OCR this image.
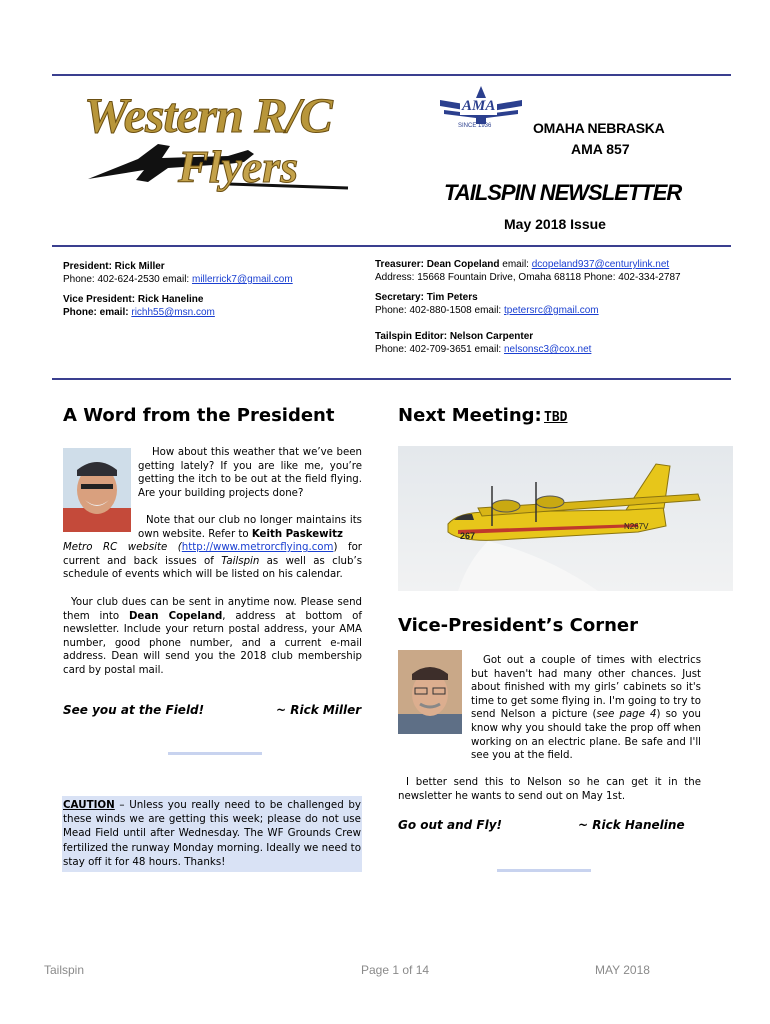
Western R/C
Flyers
AMA
SINCE 1936	OMAHA NEBRASKA
AMA 857
TAILSPIN NEWSLETTER
May 2018 Issue
President: Rick Miller
Phone: 402-624-2530 email: millerrick7@gmail.com
Vice President: Rick Haneline
Phone: email: richh55@msn.com
Treasurer: Dean Copeland email: dcopeland937@centurylink.net
Address: 15668 Fountain Drive, Omaha 68118 Phone: 402-334-2787
Secretary: Tim Peters
Phone: 402-880-1508 email: tpetersrc@gmail.com
Tailspin Editor: Nelson Carpenter
Phone: 402-709-3651 email: nelsonsc3@cox.net
A Word from the President
How about this weather that we’ve been getting lately? If you are like me, you’re getting the itch to be out at the field flying. Are your building projects done?
Note that our club no longer maintains its own website. Refer to Keith Paskewitz
Metro RC website (http://www.metrorcflying.com) for current and back issues of Tailspin as well as club’s schedule of events which will be listed on his calendar.
Your club dues can be sent in anytime now. Please send them into Dean Copeland, address at bottom of newsletter. Include your return postal address, your AMA number, good phone number, and a current e-mail address. Dean will send you the 2018 club membership card by postal mail.
See you at the Field!	~ Rick Miller
CAUTION – Unless you really need to be challenged by these winds we are getting this week; please do not use Mead Field until after Wednesday. The WF Grounds Crew fertilized the runway Monday morning. Ideally we need to stay off it for 48 hours. Thanks!
Next Meeting: TBD
267
N267V
Vice-President’s Corner
Got out a couple of times with electrics but haven't had many other chances. Just about finished with my girls’ cabinets so it's time to get some flying in. I'm going to try to send Nelson a picture (see page 4) so you know why you should take the prop off when working on an electric plane. Be safe and I'll see you at the field.
I better send this to Nelson so he can get it in the newsletter he wants to send out on May 1st.
Go out and Fly!	~ Rick Haneline
Tailspin	Page 1 of 14	MAY 2018
